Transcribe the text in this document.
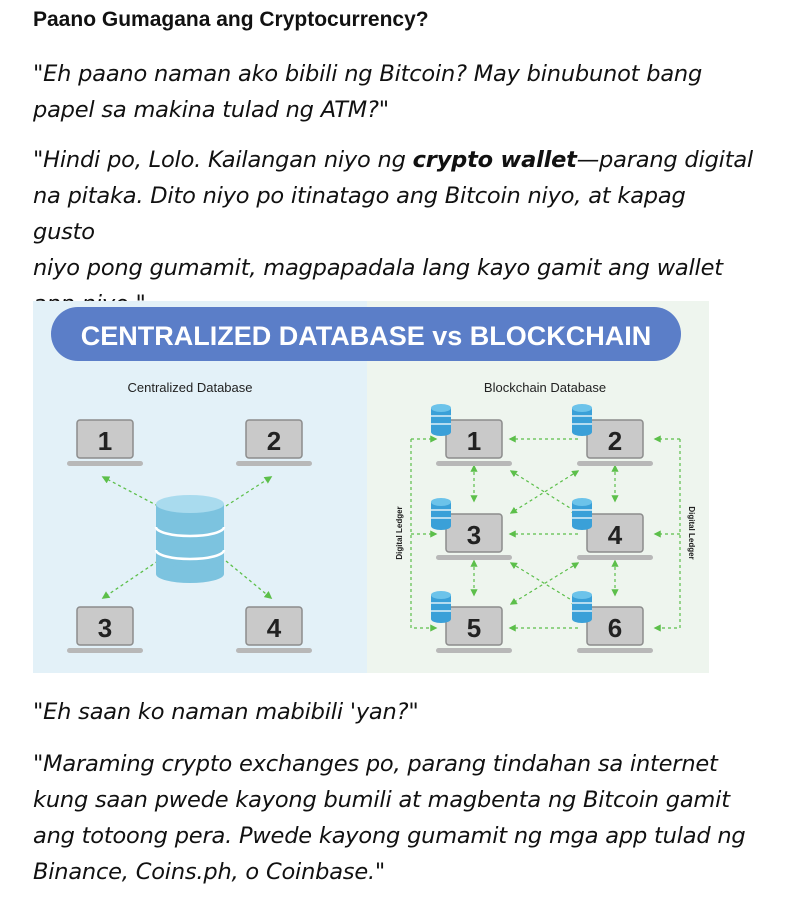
Paano Gumagana ang Cryptocurrency?
"Eh paano naman ako bibili ng Bitcoin? May binubunot bang
papel sa makina tulad ng ATM?"
"Hindi po, Lolo. Kailangan niyo ng crypto wallet—parang digital
na pitaka. Dito niyo po itinatago ang Bitcoin niyo, at kapag gusto
niyo pong gumamit, magpapadala lang kayo gamit ang wallet
CENTRALIZED DATABASE vs BLOCKCHAIN
Centralized Database	Blockchain Database
1	2
3	4
Digital Ledger	Digital Ledger
1	2
3	4
5	6
"Eh saan ko naman mabibili 'yan?"
"Maraming crypto exchanges po, parang tindahan sa internet
kung saan pwede kayong bumili at magbenta ng Bitcoin gamit
ang totoong pera. Pwede kayong gumamit ng mga app tulad ng
Binance, Coins.ph, o Coinbase."
